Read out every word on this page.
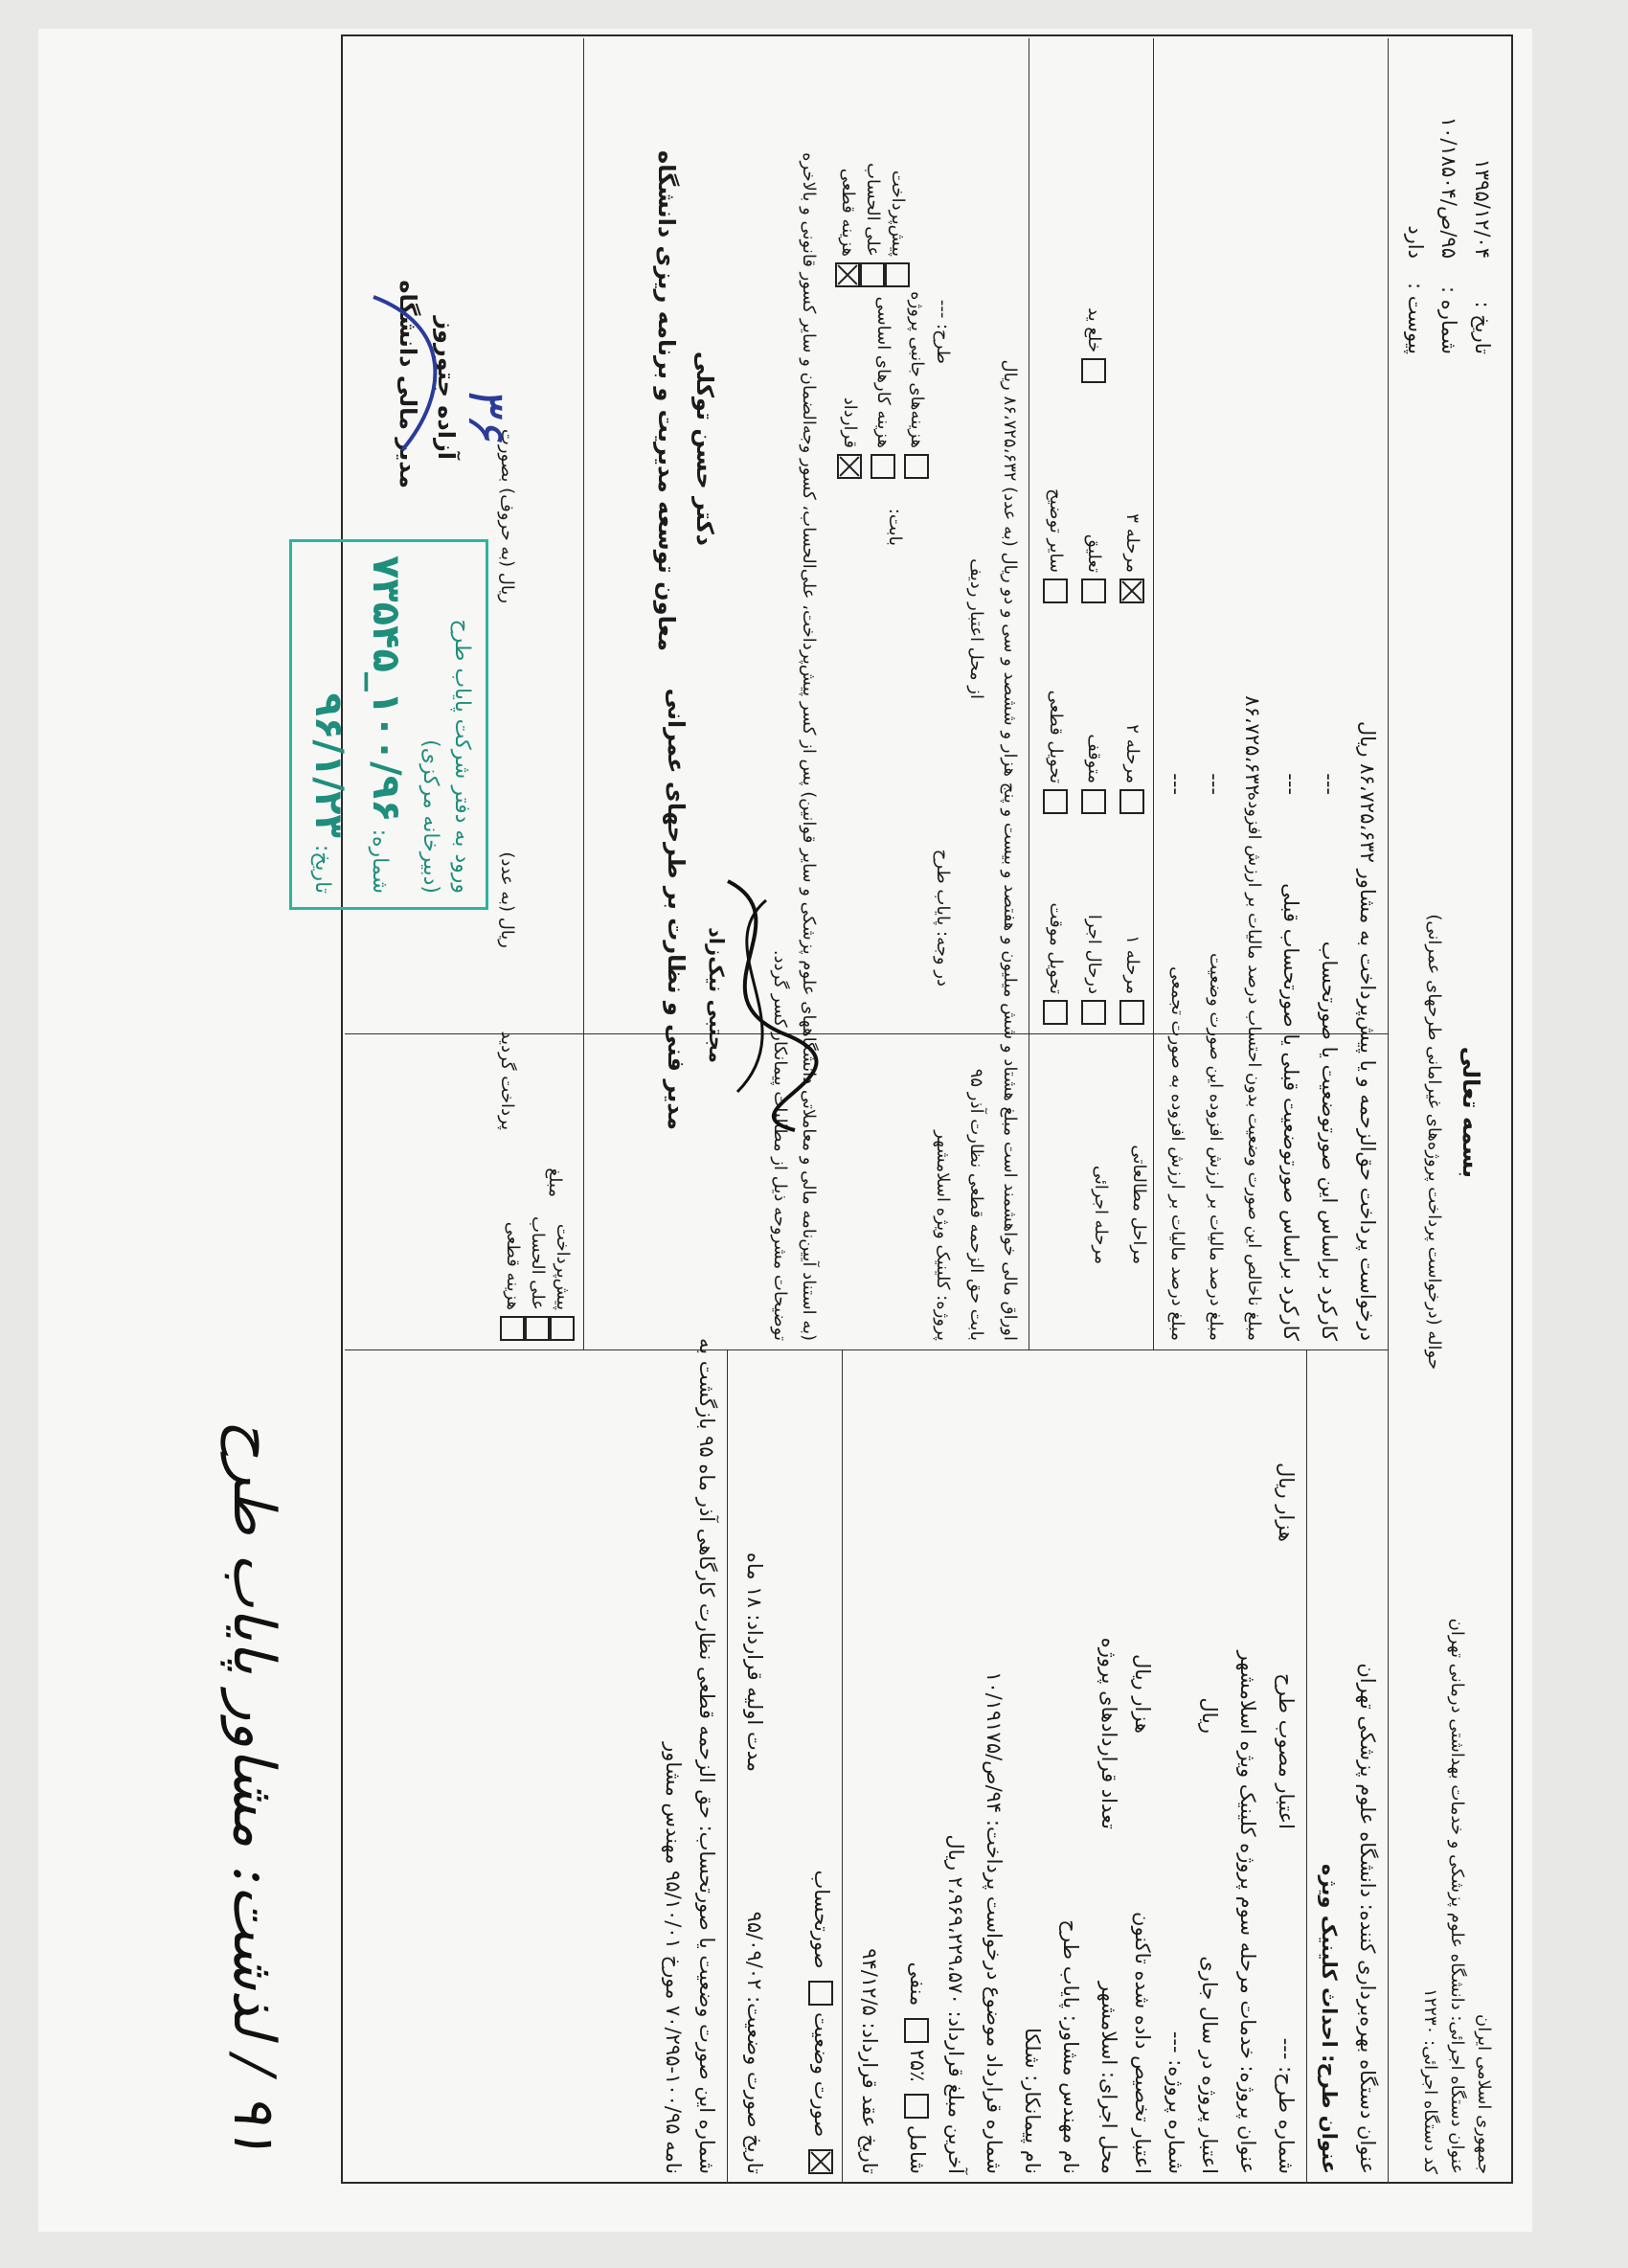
بسمه تعالی
جمهوری اسلامی ایران
عنوان دستگاه اجرائی: دانشگاه علوم پزشکی و خدمات بهداشتی درمانی تهران
کد دستگاه اجرائی: ۱۲۲۳۰
حواله (درخواست پرداخت پروژه‌های غیرامانی طرحهای عمرانی)
تاریخ :
۱۳۹۵/۱۲/۰۴
شماره :
۹۵/ص/۱۰/۱۸۵۰۴
پیوست :
دارد
عنوان دستگاه بهره‌برداری کننده: دانشگاه علوم پزشکی تهران
عنوان طرح: احداث کلینیک ویژه
شماره طرح: ---
اعتبار مصوب طرح
هزار ریال
عنوان پروژه: خدمات مرحله سوم پروژه کلینیک ویژه اسلامشهر
اعتبار پروژه در سال جاری
ریال
شماره پروژه: ---
اعتبار تخصیص داده شده تاکنون
هزار ریال
محل اجرای: اسلامشهر
تعداد قراردادهای پروژه
نام مهندس مشاور: پایاب طرح
نام پیمانکار: شلکا
شماره قرارداد موضوع درخواست پرداخت: ۹۴/ص/۱۰/۱۹۱۷۵
آخرین مبلغ قرارداد: ۲،۹۶۹،۲۲۹،۵۷۰ ریال
شامل  ٪۲۵  منفی
تاریخ عقد قرارداد: ۹۴/۱۲/۵
صورت وضعیت  صورتحساب
تاریخ صورت وضعیت: ۹۵/۰۹/۰۲
شماره این صورت وضعیت یا صورتحساب: حق الزحمه قطعی نظارت کارگاهی آذر ماه ۹۵ بازگشت به
نامه ۱۰۰/۹۵-۷۰/۲۹۵ مورخ ۹۵/۱۰/۰۱ مهندس مشاور
مدت اولیه قرارداد: ۱۸ ماه
درخواست پرداخت حق‌الزحمه و یا پیش‌پرداخت به مشاور ۸۶،۷۲۵،۶۳۲ ریال
کارکرد براساس این صورتوضعیت یا صورتحساب
---
کارکرد براساس صورتوضعیت قبلی یا صورتحساب قبلی
---
مبلغ ناخالص این صورت وضعیت بدون احتساب درصد مالیات بر ارزش افزوده
۸۶،۷۲۵،۶۳۲
مبلغ درصد مالیات بر ارزش افزوده این صورت وضعیت
---
مبلغ درصد مالیات بر ارزش افزوده به صورت تجمعی
---
مراحل مطالعاتی
مرحله ۱
مرحله ۲
مرحله ۳
مرحله اجرائی
درحال اجرا
متوقف
تعلیق
خلع ید
تحویل موقت
تحویل قطعی
سایر توضیح
اوراق مالی خواهشمند است مبلغ هشتاد و شش میلیون و هفتصد و بیست و پنج هزار و ششصد و سی و دو ریال (به عدد) ۸۶،۷۲۵،۶۳۲ ریال
بابت حق الزحمه قطعی نظارت آذر ۹۵
از محل اعتبار ردیف
پروژه: کلینیک ویژه اسلامشهر
در وجه: پایاب طرح
طرح: ---
بابت:
هزینه‌های جانبی پروژه
هزینه کارهای اساسی
قرارداد
پیش‌پرداخت
علی الحساب
هزینه قطعی
(به استناد آیین‌نامه مالی و معاملاتی دانشگاههای علوم پزشکی و سایر قوانین) پس از کسر پیش‌پرداخت، علی‌الحساب، کسور وجه‌الضمان و سایر کسور قانونی و بالاخره
توضیحات مشروحه ذیل از مطالبات پیمانکار کسر گردد.
مدیر فنی و نظارت بر طرحهای عمرانی مجتبی نیک‌زاد
دکتر حسن توکلی
معاون توسعه مدیریت و برنامه ریزی دانشگاه
پیش‌پرداخت
علی الحساب
هزینه قطعی
مبلغ
پرداخت گردید
ریال (به عدد)
ریال (به حروف) بصورت
ورود به دفتر شرکت پایاب طرح
(دبیرخانه مرکزی)
شماره: ۱۰۰/۹۶_۷۳۵۴۵
تاریخ: ۹۶/۱/۲۳
آزاده جتوروز
مدیر مالی دانشگاه ۳۶
۹۱ / لذشت: مشاور پایاب طرح
